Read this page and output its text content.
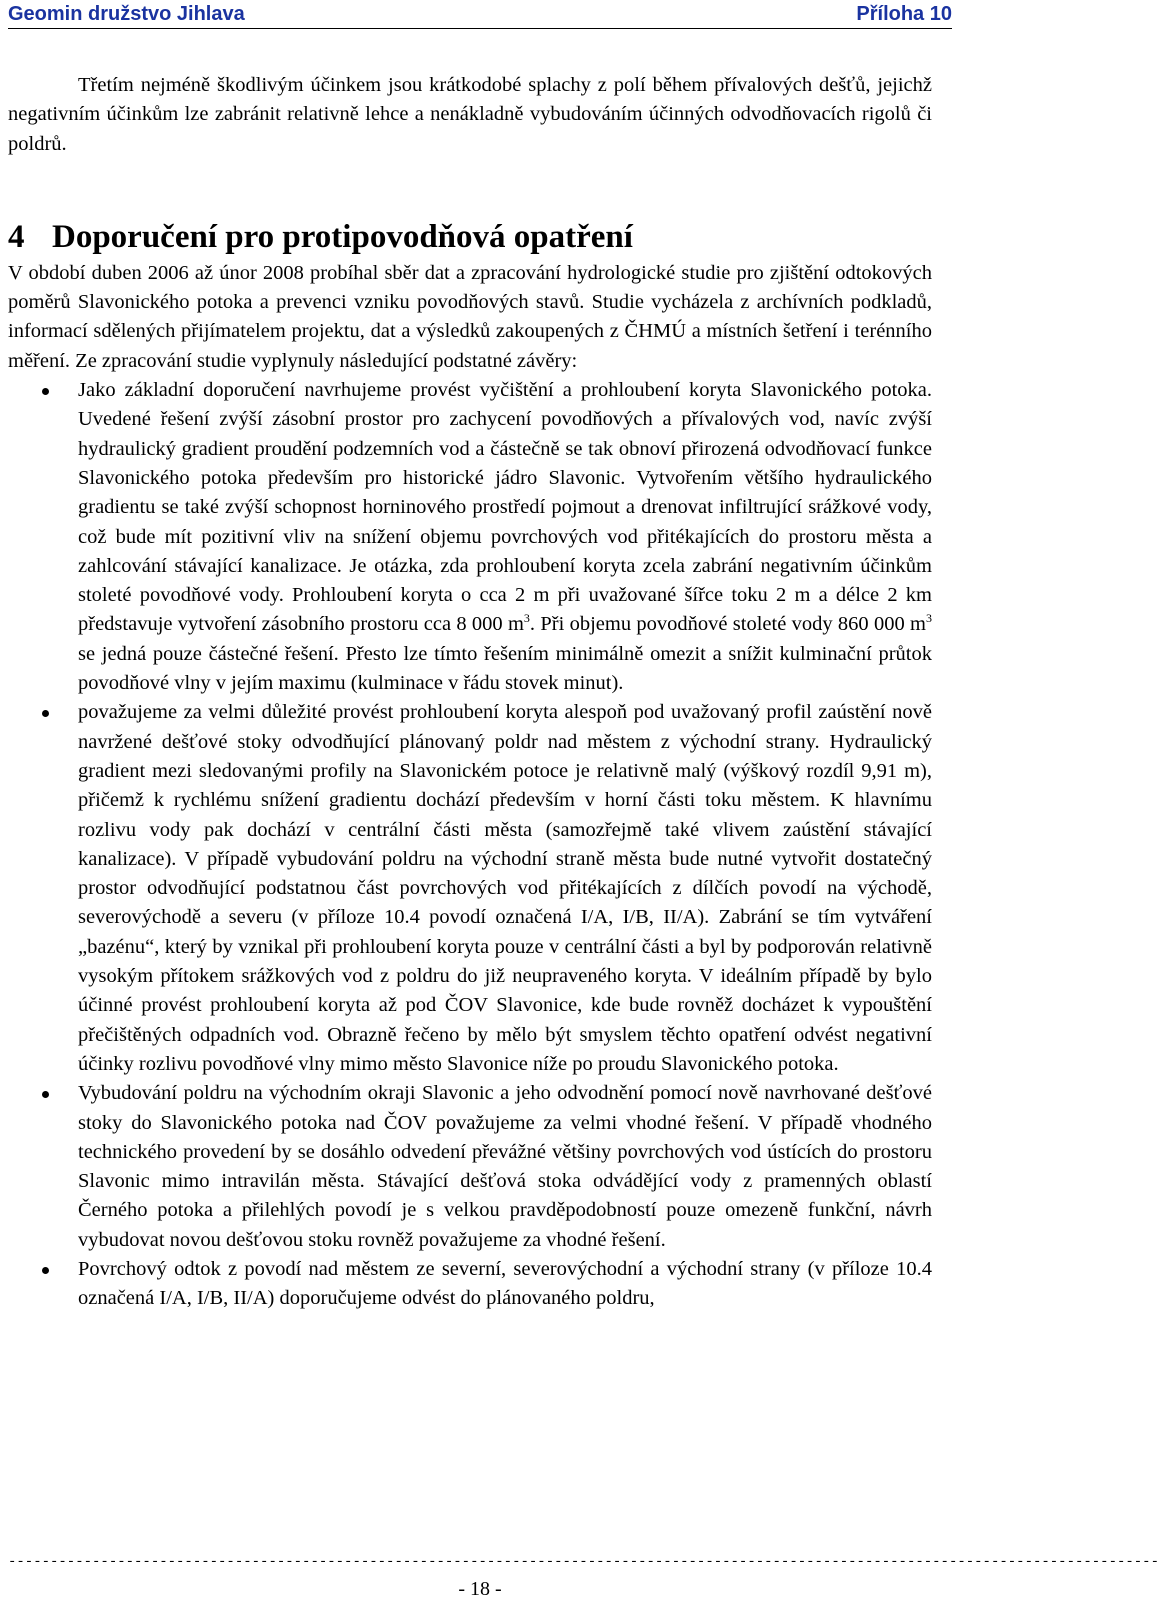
Geomin družstvo Jihlava	Příloha 10

Třetím nejméně škodlivým účinkem jsou krátkodobé splachy z polí během přívalových dešťů, jejichž negativním účinkům lze zabránit relativně lehce a nenákladně vybudováním účinných odvodňovacích rigolů či poldrů.

4 Doporučení pro protipovodňová opatření

V období duben 2006 až únor 2008 probíhal sběr dat a zpracování hydrologické studie pro zjištění odtokových poměrů Slavonického potoka a prevenci vzniku povodňových stavů. Studie vycházela z archívních podkladů, informací sdělených přijímatelem projektu, dat a výsledků zakoupených z ČHMÚ a místních šetření i terénního měření. Ze zpracování studie vyplynuly následující podstatné závěry:

Jako základní doporučení navrhujeme provést vyčištění a prohloubení koryta Slavonického potoka. Uvedené řešení zvýší zásobní prostor pro zachycení povodňových a přívalových vod, navíc zvýší hydraulický gradient proudění podzemních vod a částečně se tak obnoví přirozená odvodňovací funkce Slavonického potoka především pro historické jádro Slavonic. Vytvořením většího hydraulického gradientu se také zvýší schopnost horninového prostředí pojmout a drenovat infiltrující srážkové vody, což bude mít pozitivní vliv na snížení objemu povrchových vod přitékajících do prostoru města a zahlcování stávající kanalizace. Je otázka, zda prohloubení koryta zcela zabrání negativním účinkům stoleté povodňové vody. Prohloubení koryta o cca 2 m při uvažované šířce toku 2 m a délce 2 km představuje vytvoření zásobního prostoru cca 8 000 $m^3$. Při objemu povodňové stoleté vody 860 000 $m^3$ se jedná pouze částečné řešení. Přesto lze tímto řešením minimálně omezit a snížit kulminační průtok povodňové vlny v jejím maximu (kulminace v řádu stovek minut).
považujeme za velmi důležité provést prohloubení koryta alespoň pod uvažovaný profil zaústění nově navržené dešťové stoky odvodňující plánovaný poldr nad městem z východní strany. Hydraulický gradient mezi sledovanými profily na Slavonickém potoce je relativně malý (výškový rozdíl 9,91 m), přičemž k rychlému snížení gradientu dochází především v horní části toku městem. K hlavnímu rozlivu vody pak dochází v centrální části města (samozřejmě také vlivem zaústění stávající kanalizace). V případě vybudování poldru na východní straně města bude nutné vytvořit dostatečný prostor odvodňující podstatnou část povrchových vod přitékajících z dílčích povodí na východě, severovýchodě a severu (v příloze 10.4 povodí označená I/A, I/B, II/A). Zabrání se tím vytváření „bazénu“, který by vznikal při prohloubení koryta pouze v centrální části a byl by podporován relativně vysokým přítokem srážkových vod z poldru do již neupraveného koryta. V ideálním případě by bylo účinné provést prohloubení koryta až pod ČOV Slavonice, kde bude rovněž docházet k vypouštění přečištěných odpadních vod. Obrazně řečeno by mělo být smyslem těchto opatření odvést negativní účinky rozlivu povodňové vlny mimo město Slavonice níže po proudu Slavonického potoka.
Vybudování poldru na východním okraji Slavonic a jeho odvodnění pomocí nově navrhované dešťové stoky do Slavonického potoka nad ČOV považujeme za velmi vhodné řešení. V případě vhodného technického provedení by se dosáhlo odvedení převážné většiny povrchových vod ústících do prostoru Slavonic mimo intravilán města. Stávající dešťová stoka odvádějící vody z pramenných oblastí Černého potoka a přilehlých povodí je s velkou pravděpodobností pouze omezeně funkční, návrh vybudovat novou dešťovou stoku rovněž považujeme za vhodné řešení.
Povrchový odtok z povodí nad městem ze severní, severovýchodní a východní strany (v příloze 10.4 označená I/A, I/B, II/A) doporučujeme odvést do plánovaného poldru,
-----------------------------------------------------------------------------------------------------------------------------------------
- 18 -
